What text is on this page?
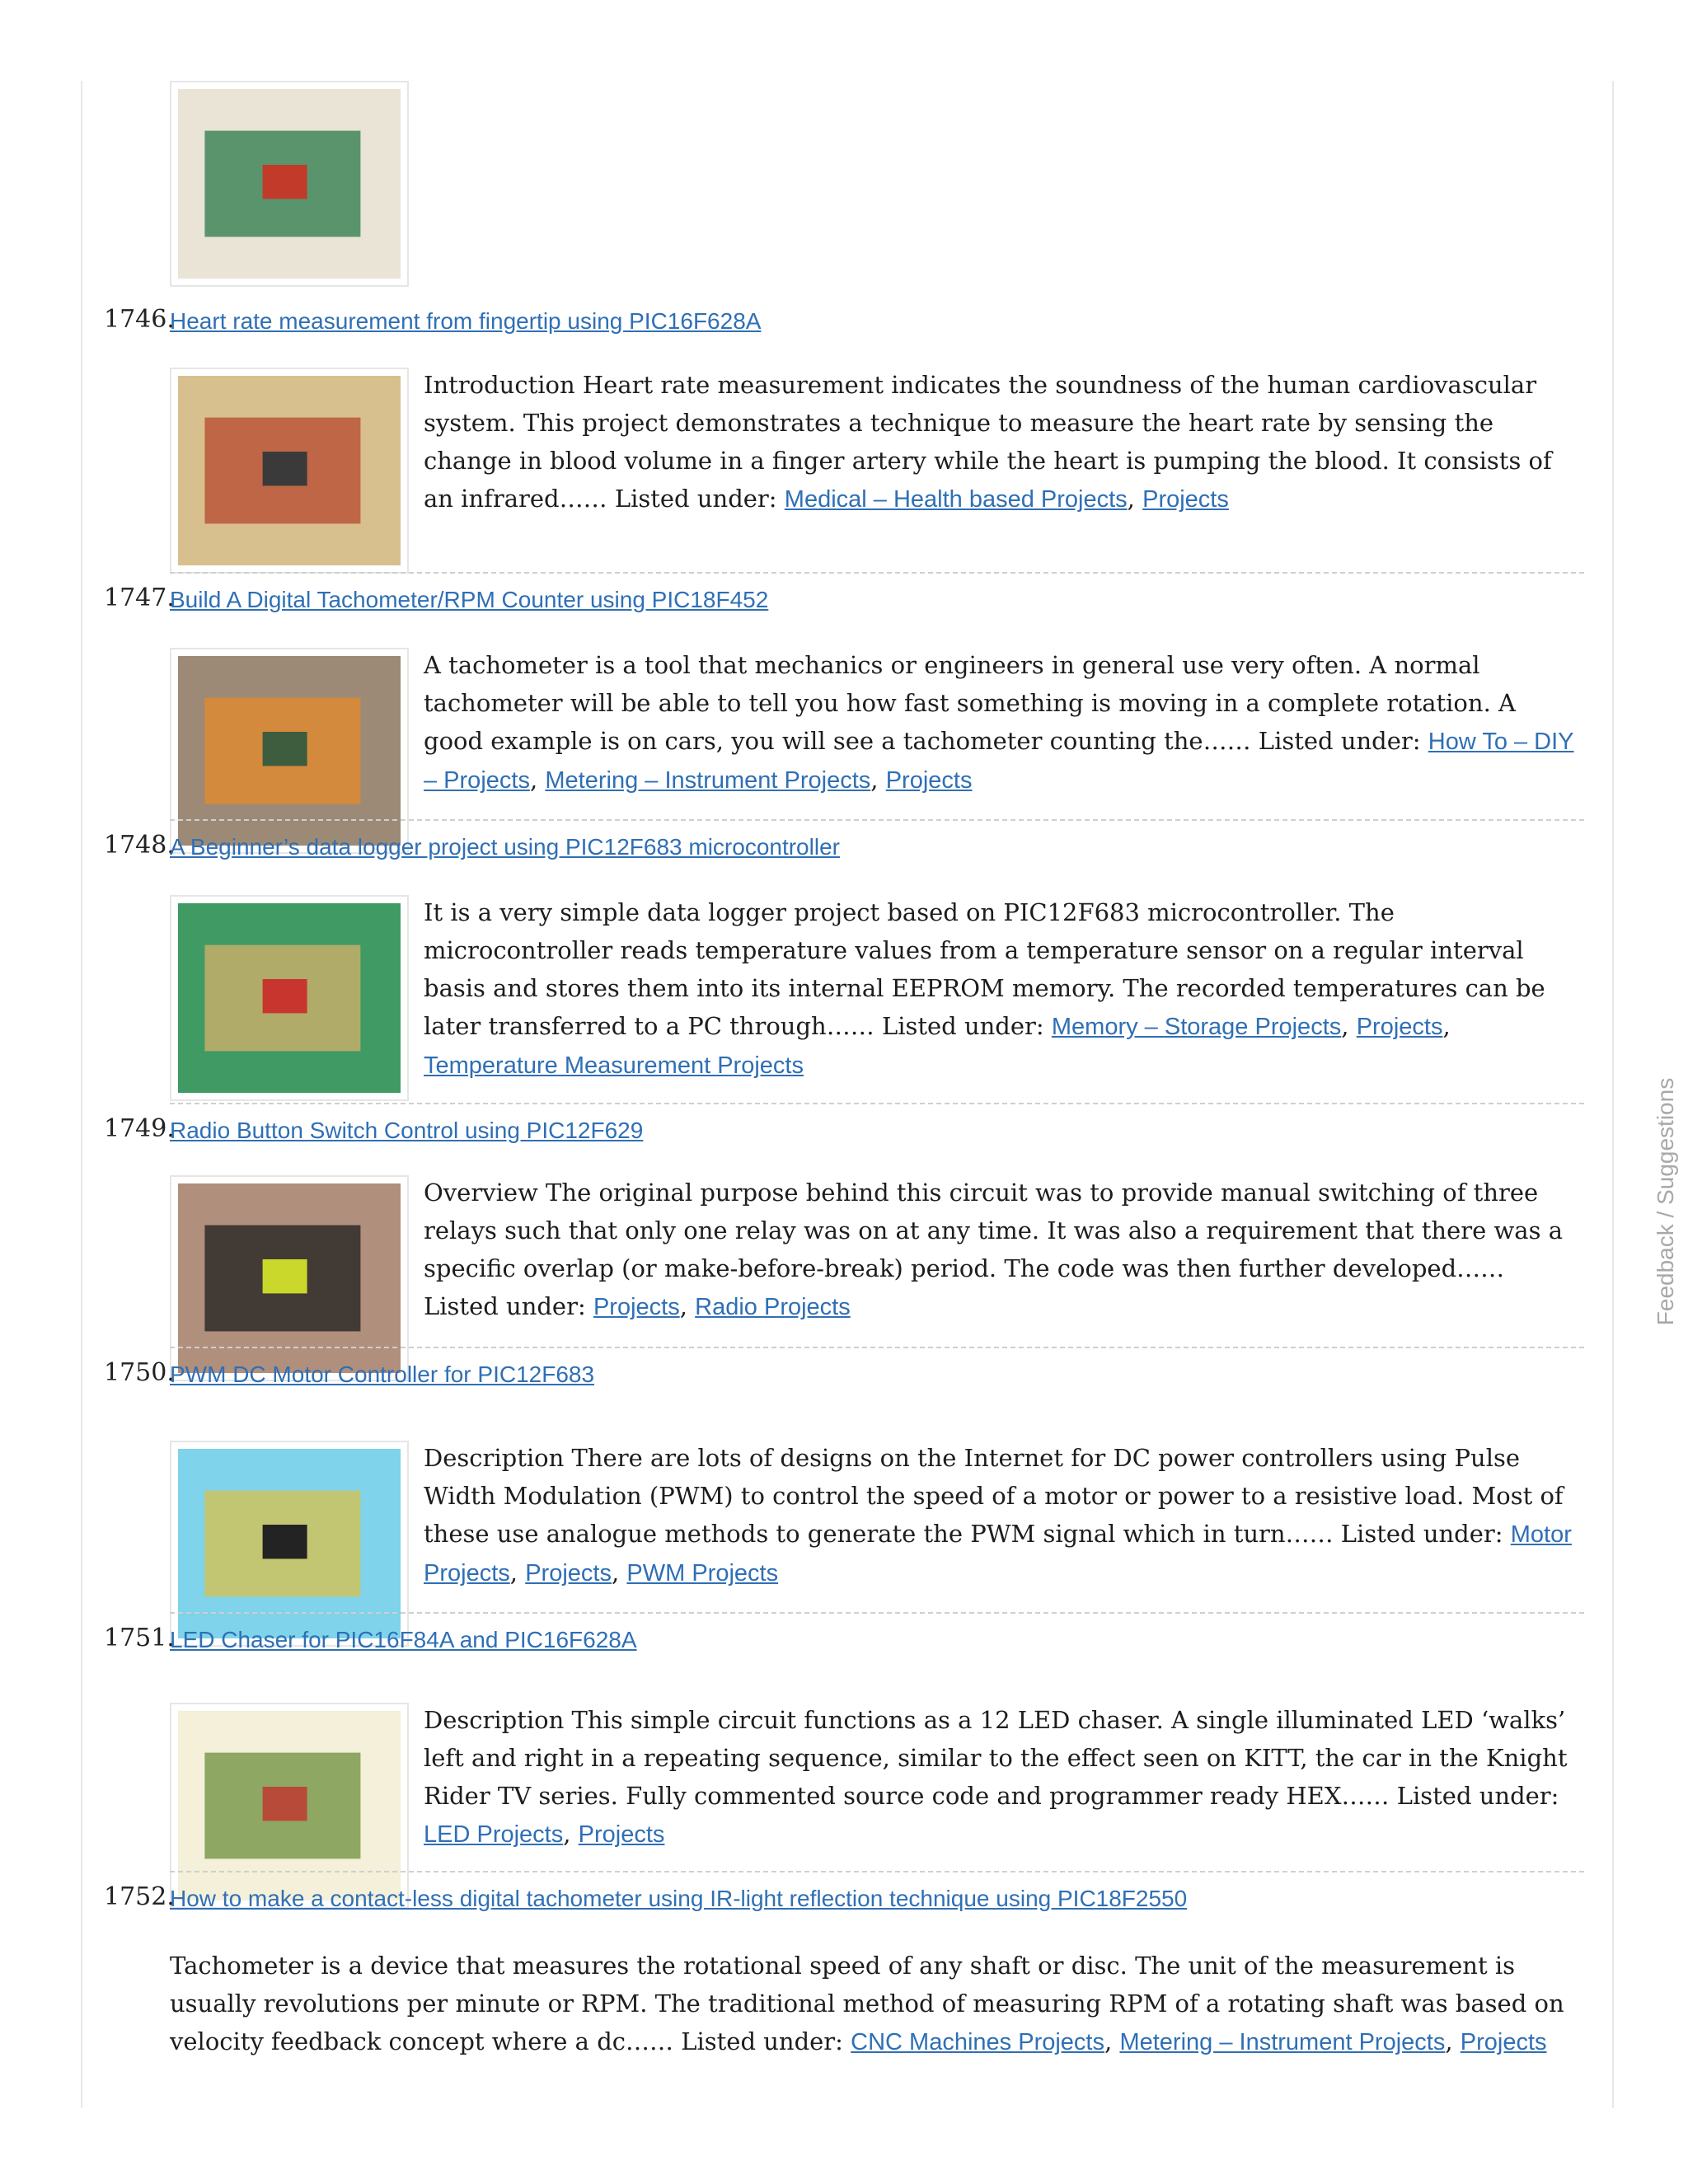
1746.
Heart rate measurement from fingertip using PIC16F628A
Introduction Heart rate measurement indicates the soundness of the human cardiovascular system. This project demonstrates a technique to measure the heart rate by sensing the change in blood volume in a finger artery while the heart is pumping the blood. It consists of an infrared…… Listed under: Medical – Health based Projects, Projects
1747.
Build A Digital Tachometer/RPM Counter using PIC18F452
A tachometer is a tool that mechanics or engineers in general use very often. A normal tachometer will be able to tell you how fast something is moving in a complete rotation. A good example is on cars, you will see a tachometer counting the…… Listed under: How To – DIY – Projects, Metering – Instrument Projects, Projects
1748.
A Beginner’s data logger project using PIC12F683 microcontroller
It is a very simple data logger project based on PIC12F683 microcontroller. The microcontroller reads temperature values from a temperature sensor on a regular interval basis and stores them into its internal EEPROM memory. The recorded temperatures can be later transferred to a PC through…… Listed under: Memory – Storage Projects, Projects, Temperature Measurement Projects
1749.
Radio Button Switch Control using PIC12F629
Overview The original purpose behind this circuit was to provide manual switching of three relays such that only one relay was on at any time. It was also a requirement that there was a specific overlap (or make-before-break) period. The code was then further developed…… Listed under: Projects, Radio Projects
1750.
PWM DC Motor Controller for PIC12F683
Description There are lots of designs on the Internet for DC power controllers using Pulse Width Modulation (PWM) to control the speed of a motor or power to a resistive load. Most of these use analogue methods to generate the PWM signal which in turn…… Listed under: Motor Projects, Projects, PWM Projects
1751.
LED Chaser for PIC16F84A and PIC16F628A
Description This simple circuit functions as a 12 LED chaser. A single illuminated LED ‘walks’ left and right in a repeating sequence, similar to the effect seen on KITT, the car in the Knight Rider TV series. Fully commented source code and programmer ready HEX…… Listed under: LED Projects, Projects
1752.
How to make a contact-less digital tachometer using IR-light reflection technique using PIC18F2550
Tachometer is a device that measures the rotational speed of any shaft or disc. The unit of the measurement is usually revolutions per minute or RPM. The traditional method of measuring RPM of a rotating shaft was based on velocity feedback concept where a dc…… Listed under: CNC Machines Projects, Metering – Instrument Projects, Projects
Feedback / Suggestions
